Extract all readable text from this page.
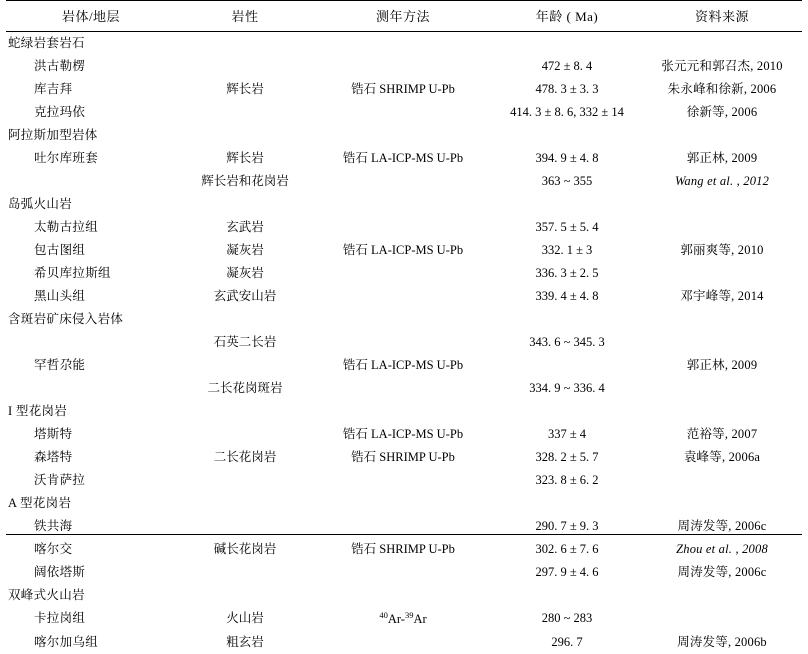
岩体/地层	岩性	测年方法	年龄 ( Ma)	资料来源
蛇绿岩套岩石				
洪古勒楞			472 ± 8. 4	张元元和郭召杰, 2010
库吉拜	辉长岩	锆石 SHRIMP U-Pb	478. 3 ± 3. 3	朱永峰和徐新, 2006
克拉玛依			414. 3 ± 8. 6, 332 ± 14	徐新等, 2006
阿拉斯加型岩体				
吐尔库班套	辉长岩	锆石 LA-ICP-MS U-Pb	394. 9 ± 4. 8	郭正林, 2009
	辉长岩和花岗岩		363 ~ 355	Wang et al. , 2012
岛弧火山岩				
太勒古拉组	玄武岩		357. 5 ± 5. 4	
包古图组	凝灰岩	锆石 LA-ICP-MS U-Pb	332. 1 ± 3	郭丽爽等, 2010
希贝库拉斯组	凝灰岩		336. 3 ± 2. 5	
黑山头组	玄武安山岩		339. 4 ± 4. 8	邓宇峰等, 2014
含斑岩矿床侵入岩体				
	石英二长岩		343. 6 ~ 345. 3	
罕哲尕能		锆石 LA-ICP-MS U-Pb		郭正林, 2009
	二长花岗斑岩		334. 9 ~ 336. 4	
I 型花岗岩				
塔斯特		锆石 LA-ICP-MS U-Pb	337 ± 4	范裕等, 2007
森塔特	二长花岗岩	锆石 SHRIMP U-Pb	328. 2 ± 5. 7	袁峰等, 2006a
沃肯萨拉			323. 8 ± 6. 2	
A 型花岗岩				
铁共海			290. 7 ± 9. 3	周涛发等, 2006c
喀尔交	碱长花岗岩	锆石 SHRIMP U-Pb	302. 6 ± 7. 6	Zhou et al. , 2008
阔依塔斯			297. 9 ± 4. 6	周涛发等, 2006c
双峰式火山岩				
卡拉岗组	火山岩	$^{40}$Ar-$^{39}$Ar	280 ~ 283	
喀尔加乌组	粗玄岩		296. 7	周涛发等, 2006b
